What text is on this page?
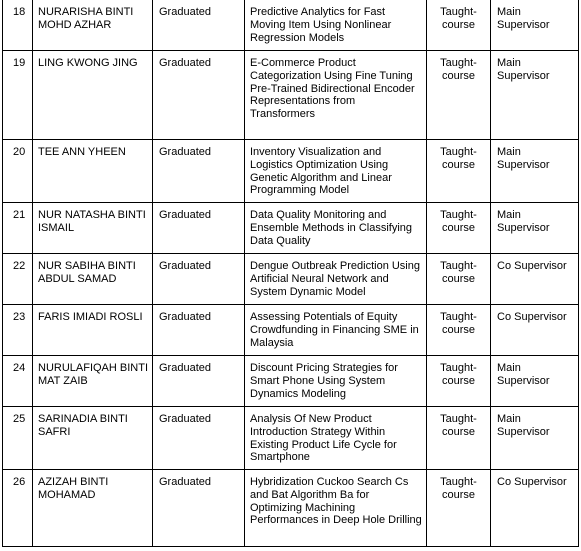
18	NURARISHA BINTI MOHD AZHAR	Graduated	Predictive Analytics for Fast Moving Item Using Nonlinear Regression Models	Taught-course	Main Supervisor
19	LING KWONG JING	Graduated	E-Commerce Product Categorization Using Fine Tuning Pre-Trained Bidirectional Encoder Representations from Transformers	Taught-course	Main Supervisor
20	TEE ANN YHEEN	Graduated	Inventory Visualization and Logistics Optimization Using Genetic Algorithm and Linear Programming Model	Taught-course	Main Supervisor
21	NUR NATASHA BINTI ISMAIL	Graduated	Data Quality Monitoring and Ensemble Methods in Classifying Data Quality	Taught-course	Main Supervisor
22	NUR SABIHA BINTI ABDUL SAMAD	Graduated	Dengue Outbreak Prediction Using Artificial Neural Network and System Dynamic Model	Taught-course	Co Supervisor
23	FARIS IMIADI ROSLI	Graduated	Assessing Potentials of Equity Crowdfunding in Financing SME in Malaysia	Taught-course	Co Supervisor
24	NURULAFIQAH BINTI MAT ZAIB	Graduated	Discount Pricing Strategies for Smart Phone Using System Dynamics Modeling	Taught-course	Main Supervisor
25	SARINADIA BINTI SAFRI	Graduated	Analysis Of New Product Introduction Strategy Within Existing Product Life Cycle for Smartphone	Taught-course	Main Supervisor
26	AZIZAH BINTI MOHAMAD	Graduated	Hybridization Cuckoo Search Cs and Bat Algorithm Ba for Optimizing Machining Performances in Deep Hole Drilling	Taught-course	Co Supervisor
